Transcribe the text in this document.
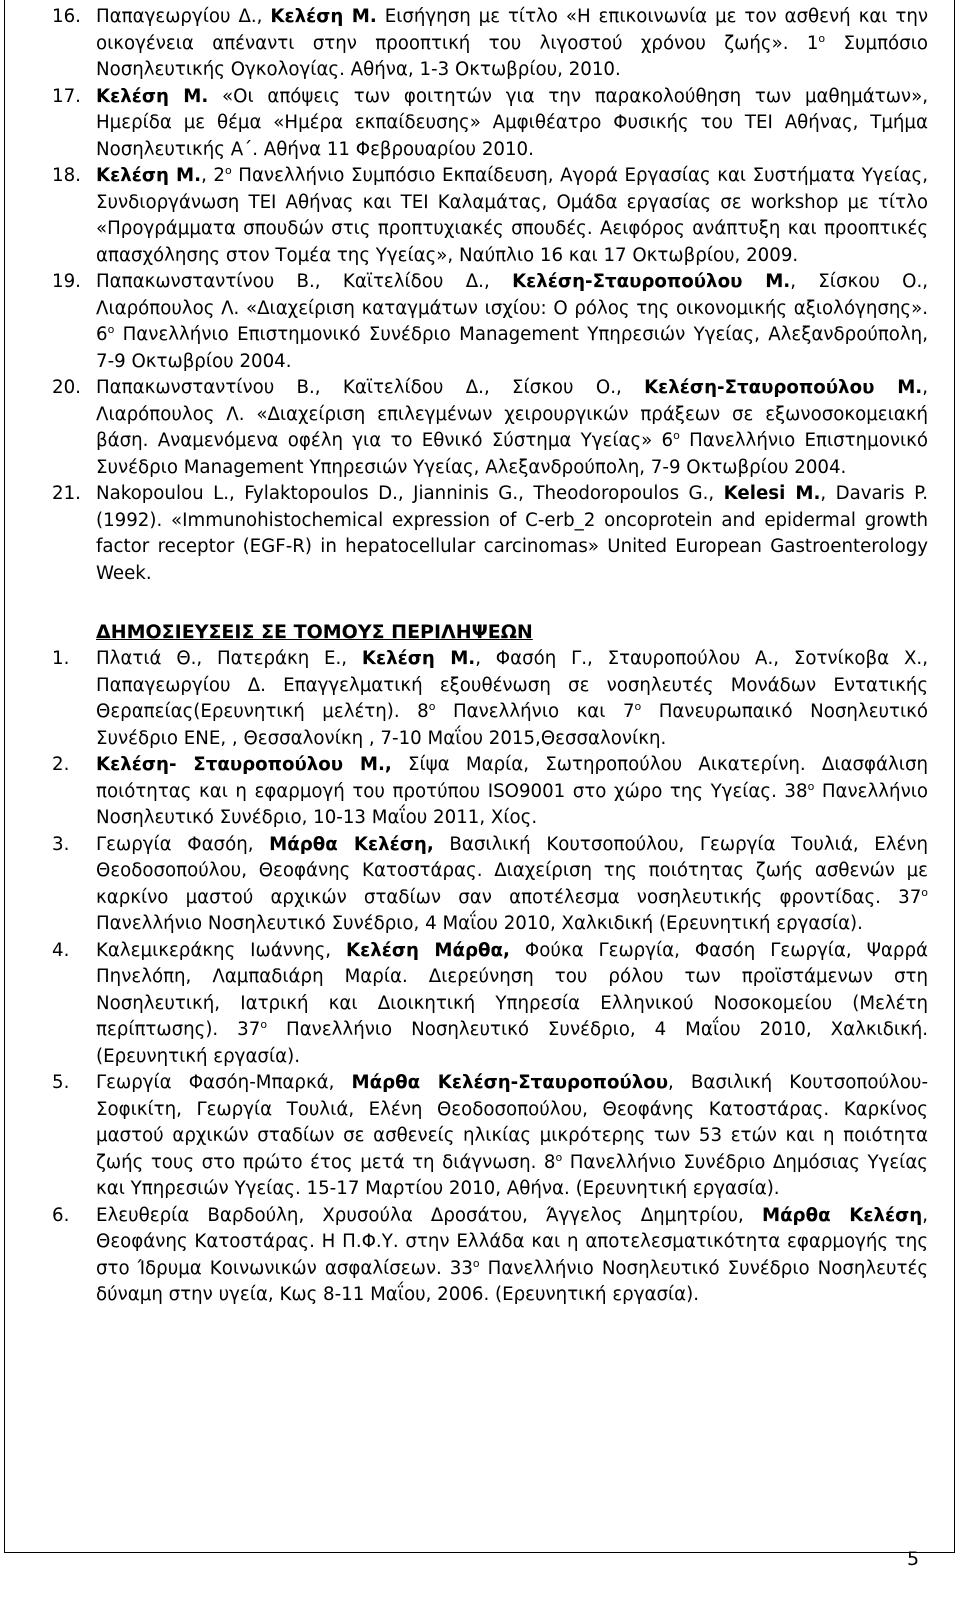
16. Παπαγεωργίου Δ., Κελέση Μ. Εισήγηση με τίτλο «Η επικοινωνία με τον ασθενή και την οικογένεια απέναντι στην προοπτική του λιγοστού χρόνου ζωής». $1^o$ Συμπόσιο Νοσηλευτικής Ογκολογίας. Αθήνα, 1-3 Οκτωβρίου, 2010.
17. Κελέση Μ. «Οι απόψεις των φοιτητών για την παρακολούθηση των μαθημάτων», Ημερίδα με θέμα «Ημέρα εκπαίδευσης» Αμφιθέατρο Φυσικής του ΤΕΙ Αθήνας, Τμήμα Νοσηλευτικής Α΄. Αθήνα 11 Φεβρουαρίου 2010.
18. Κελέση Μ., $2^o$ Πανελλήνιο Συμπόσιο Εκπαίδευση, Αγορά Εργασίας και Συστήματα Υγείας, Συνδιοργάνωση ΤΕΙ Αθήνας και ΤΕΙ Καλαμάτας, Ομάδα εργασίας σε workshop με τίτλο «Προγράμματα σπουδών στις προπτυχιακές σπουδές. Αειφόρος ανάπτυξη και προοπτικές απασχόλησης στον Τομέα της Υγείας», Ναύπλιο 16 και 17 Οκτωβρίου, 2009.
19. Παπακωνσταντίνου Β., Καϊτελίδου Δ., Κελέση-Σταυροπούλου Μ., Σίσκου Ο., Λιαρόπουλος Λ. «Διαχείριση καταγμάτων ισχίου: Ο ρόλος της οικονομικής αξιολόγησης». $6^o$ Πανελλήνιο Επιστημονικό Συνέδριο Management Υπηρεσιών Υγείας, Αλεξανδρούπολη, 7-9 Οκτωβρίου 2004.
20. Παπακωνσταντίνου Β., Καϊτελίδου Δ., Σίσκου Ο., Κελέση-Σταυροπούλου Μ., Λιαρόπουλος Λ. «Διαχείριση επιλεγμένων χειρουργικών πράξεων σε εξωνοσοκομειακή βάση. Αναμενόμενα οφέλη για το Εθνικό Σύστημα Υγείας» $6^o$ Πανελλήνιο Επιστημονικό Συνέδριο Management Υπηρεσιών Υγείας, Αλεξανδρούπολη, 7-9 Οκτωβρίου 2004.
21. Nakopoulou L., Fylaktopoulos D., Jianninis G., Theodoropoulos G., Kelesi M., Davaris P. (1992). «Immunohistochemical expression of C-erb_2 oncoprotein and epidermal growth factor receptor (EGF-R) in hepatocellular carcinomas» United European Gastroenterology Week.
ΔΗΜΟΣΙΕΥΣΕΙΣ ΣΕ ΤΟΜΟΥΣ ΠΕΡΙΛΗΨΕΩΝ
1. Πλατιά Θ., Πατεράκη Ε., Κελέση Μ., Φασόη Γ., Σταυροπούλου Α., Σοτνίκοβα Χ., Παπαγεωργίου Δ. Επαγγελματική εξουθένωση σε νοσηλευτές Μονάδων Εντατικής Θεραπείας(Ερευνητική μελέτη). $8^o$ Πανελλήνιο και $7^o$ Πανευρωπαικό Νοσηλευτικό Συνέδριο ΕΝΕ, , Θεσσαλονίκη , 7-10 Μαΐου 2015,Θεσσαλονίκη.
2. Κελέση- Σταυροπούλου Μ., Σίψα Μαρία, Σωτηροπούλου Αικατερίνη. Διασφάλιση ποιότητας και η εφαρμογή του προτύπου ISO9001 στο χώρο της Υγείας. $38^o$ Πανελλήνιο Νοσηλευτικό Συνέδριο, 10-13 Μαΐου 2011, Χίος.
3. Γεωργία Φασόη, Μάρθα Κελέση, Βασιλική Κουτσοπούλου, Γεωργία Τουλιά, Ελένη Θεοδοσοπούλου, Θεοφάνης Κατοστάρας. Διαχείριση της ποιότητας ζωής ασθενών με καρκίνο μαστού αρχικών σταδίων σαν αποτέλεσμα νοσηλευτικής φροντίδας. $37^o$ Πανελλήνιο Νοσηλευτικό Συνέδριο, 4 Μαΐου 2010, Χαλκιδική (Ερευνητική εργασία).
4. Καλεμικεράκης Ιωάννης, Κελέση Μάρθα, Φούκα Γεωργία, Φασόη Γεωργία, Ψαρρά Πηνελόπη, Λαμπαδιάρη Μαρία. Διερεύνηση του ρόλου των προϊστάμενων στη Νοσηλευτική, Ιατρική και Διοικητική Υπηρεσία Ελληνικού Νοσοκομείου (Μελέτη περίπτωσης). $37^o$ Πανελλήνιο Νοσηλευτικό Συνέδριο, 4 Μαΐου 2010, Χαλκιδική. (Ερευνητική εργασία).
5. Γεωργία Φασόη-Μπαρκά, Μάρθα Κελέση-Σταυροπούλου, Βασιλική Κουτσοπούλου-Σοφικίτη, Γεωργία Τουλιά, Ελένη Θεοδοσοπούλου, Θεοφάνης Κατοστάρας. Καρκίνος μαστού αρχικών σταδίων σε ασθενείς ηλικίας μικρότερης των 53 ετών και η ποιότητα ζωής τους στο πρώτο έτος μετά τη διάγνωση. $8^o$ Πανελλήνιο Συνέδριο Δημόσιας Υγείας και Υπηρεσιών Υγείας. 15-17 Μαρτίου 2010, Αθήνα. (Ερευνητική εργασία).
6. Ελευθερία Βαρδούλη, Χρυσούλα Δροσάτου, Άγγελος Δημητρίου, Μάρθα Κελέση, Θεοφάνης Κατοστάρας. Η Π.Φ.Υ. στην Ελλάδα και η αποτελεσματικότητα εφαρμογής της στο Ίδρυμα Κοινωνικών ασφαλίσεων. $33^o$ Πανελλήνιο Νοσηλευτικό Συνέδριο Νοσηλευτές δύναμη στην υγεία, Κως 8-11 Μαΐου, 2006. (Ερευνητική εργασία).
5
